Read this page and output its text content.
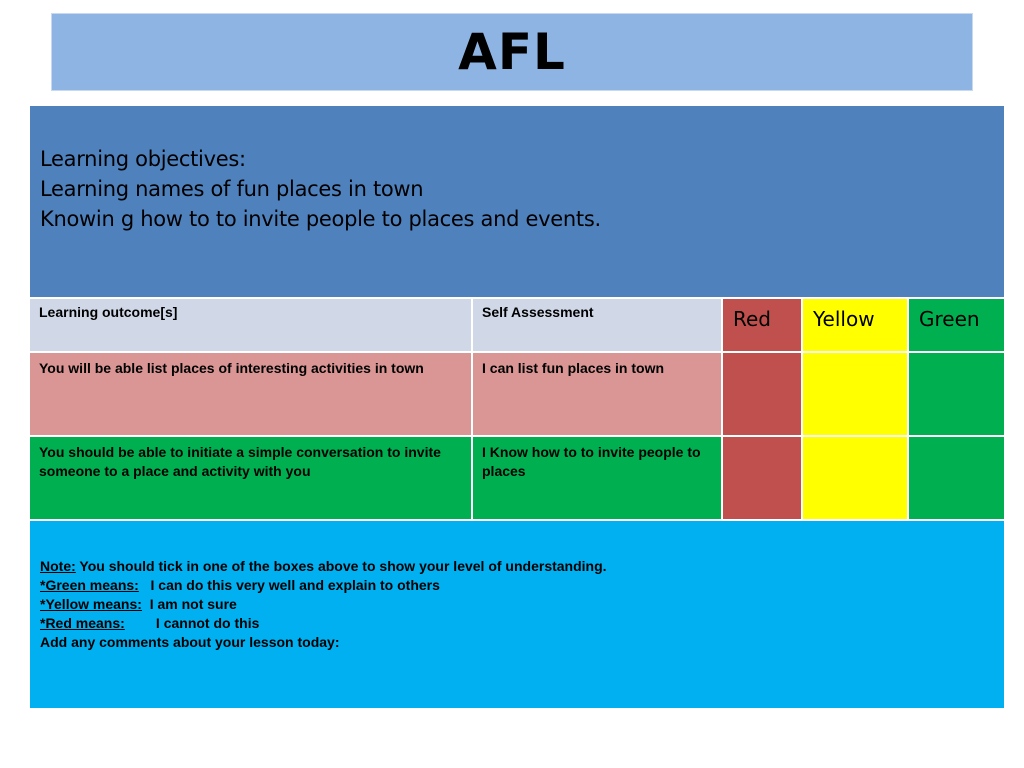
AFL
Learning objectives:
Learning names of fun places in town
Knowin g how to to invite people to places and events.				

Learning outcome[s]	Self Assessment	Red	Yellow	Green

You will be able list places of interesting activities in town	I can list fun places in town			

You should be able to initiate a simple conversation to invite someone to a place and activity with you	I Know how to to invite people to places			

Note: You should tick in one of the boxes above to show your level of understanding.
*Green means:   I can do this very well and explain to others
*Yellow means:  I am not sure
*Red means:        I cannot do this
Add any comments about your lesson today:				
